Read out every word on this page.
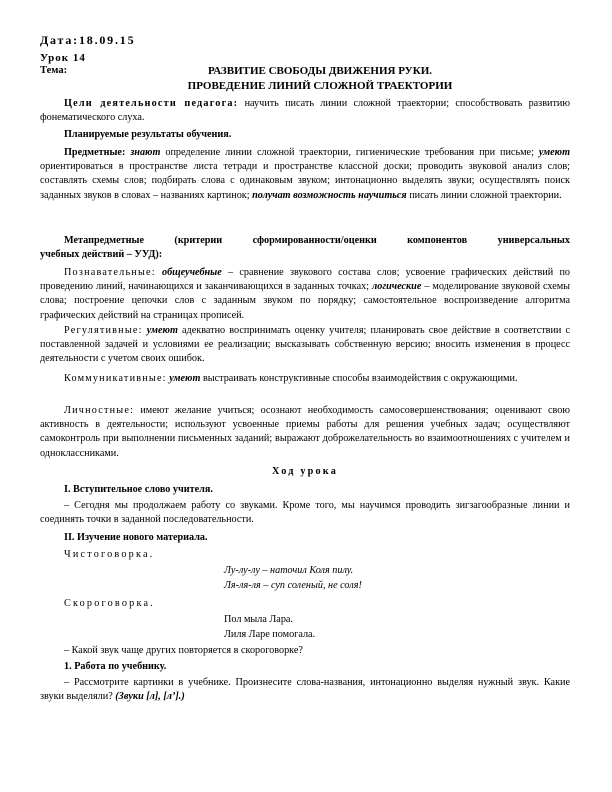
Дата:18.09.15
Урок 14
Тема:	РАЗВИТИЕ СВОБОДЫ ДВИЖЕНИЯ РУКИ.
ПРОВЕДЕНИЕ ЛИНИЙ СЛОЖНОЙ ТРАЕКТОРИИ
Цели деятельности педагога: научить писать линии сложной траектории; способствовать развитию фонематического слуха.
Планируемые результаты обучения.
Предметные: знают определение линии сложной траектории, гигиенические требования при письме; умеют ориентироваться в пространстве листа тетради и пространстве классной доски; проводить звуковой анализ слов; составлять схемы слов; подбирать слова с одинаковым звуком; интонационно выделять звуки; осуществлять поиск заданных звуков в словах – названиях картинок; получат возможность научиться писать линии сложной траектории.
Метапредметные	(критерии	сформированности/оценки	компонентов	универсальных
учебных действий – УУД):
Познавательные: общеучебные – сравнение звукового состава слов; усвоение графических действий по проведению линий, начинающихся и заканчивающихся в заданных точках; логические – моделирование звуковой схемы слова; построение цепочки слов с заданным звуком по порядку; самостоятельное воспроизведение алгоритма графических действий на страницах прописей.
Регулятивные: умеют адекватно воспринимать оценку учителя; планировать свое действие в соответствии с поставленной задачей и условиями ее реализации; высказывать собственную версию; вносить изменения в процесс деятельности с учетом своих ошибок.
Коммуникативные: умеют выстраивать конструктивные способы взаимодействия с окружающими.
Личностные: имеют желание учиться; осознают необходимость самосовершенствования; оценивают свою активность в деятельности; используют усвоенные приемы работы для решения учебных задач; осуществляют самоконтроль при выполнении письменных заданий; выражают доброжелательность во взаимоотношениях с учителем и одноклассниками.
Ход урока
I. Вступительное слово учителя.
– Сегодня мы продолжаем работу со звуками. Кроме того, мы научимся проводить зигзагообразные линии и соединять точки в заданной последовательности.
II. Изучение нового материала.
Чистоговорка.
Лу-лу-лу – наточил Коля пилу.
Ля-ля-ля – суп соленый, не соля!
Скороговорка.
Пол мыла Лара.
Лиля Ларе помогала.
– Какой звук чаще других повторяется в скороговорке?
1. Работа по учебнику.
– Рассмотрите картинки в учебнике. Произнесите слова-названия, интонационно выделяя нужный звук. Какие звуки выделяли? (Звуки [л], [л’].)
